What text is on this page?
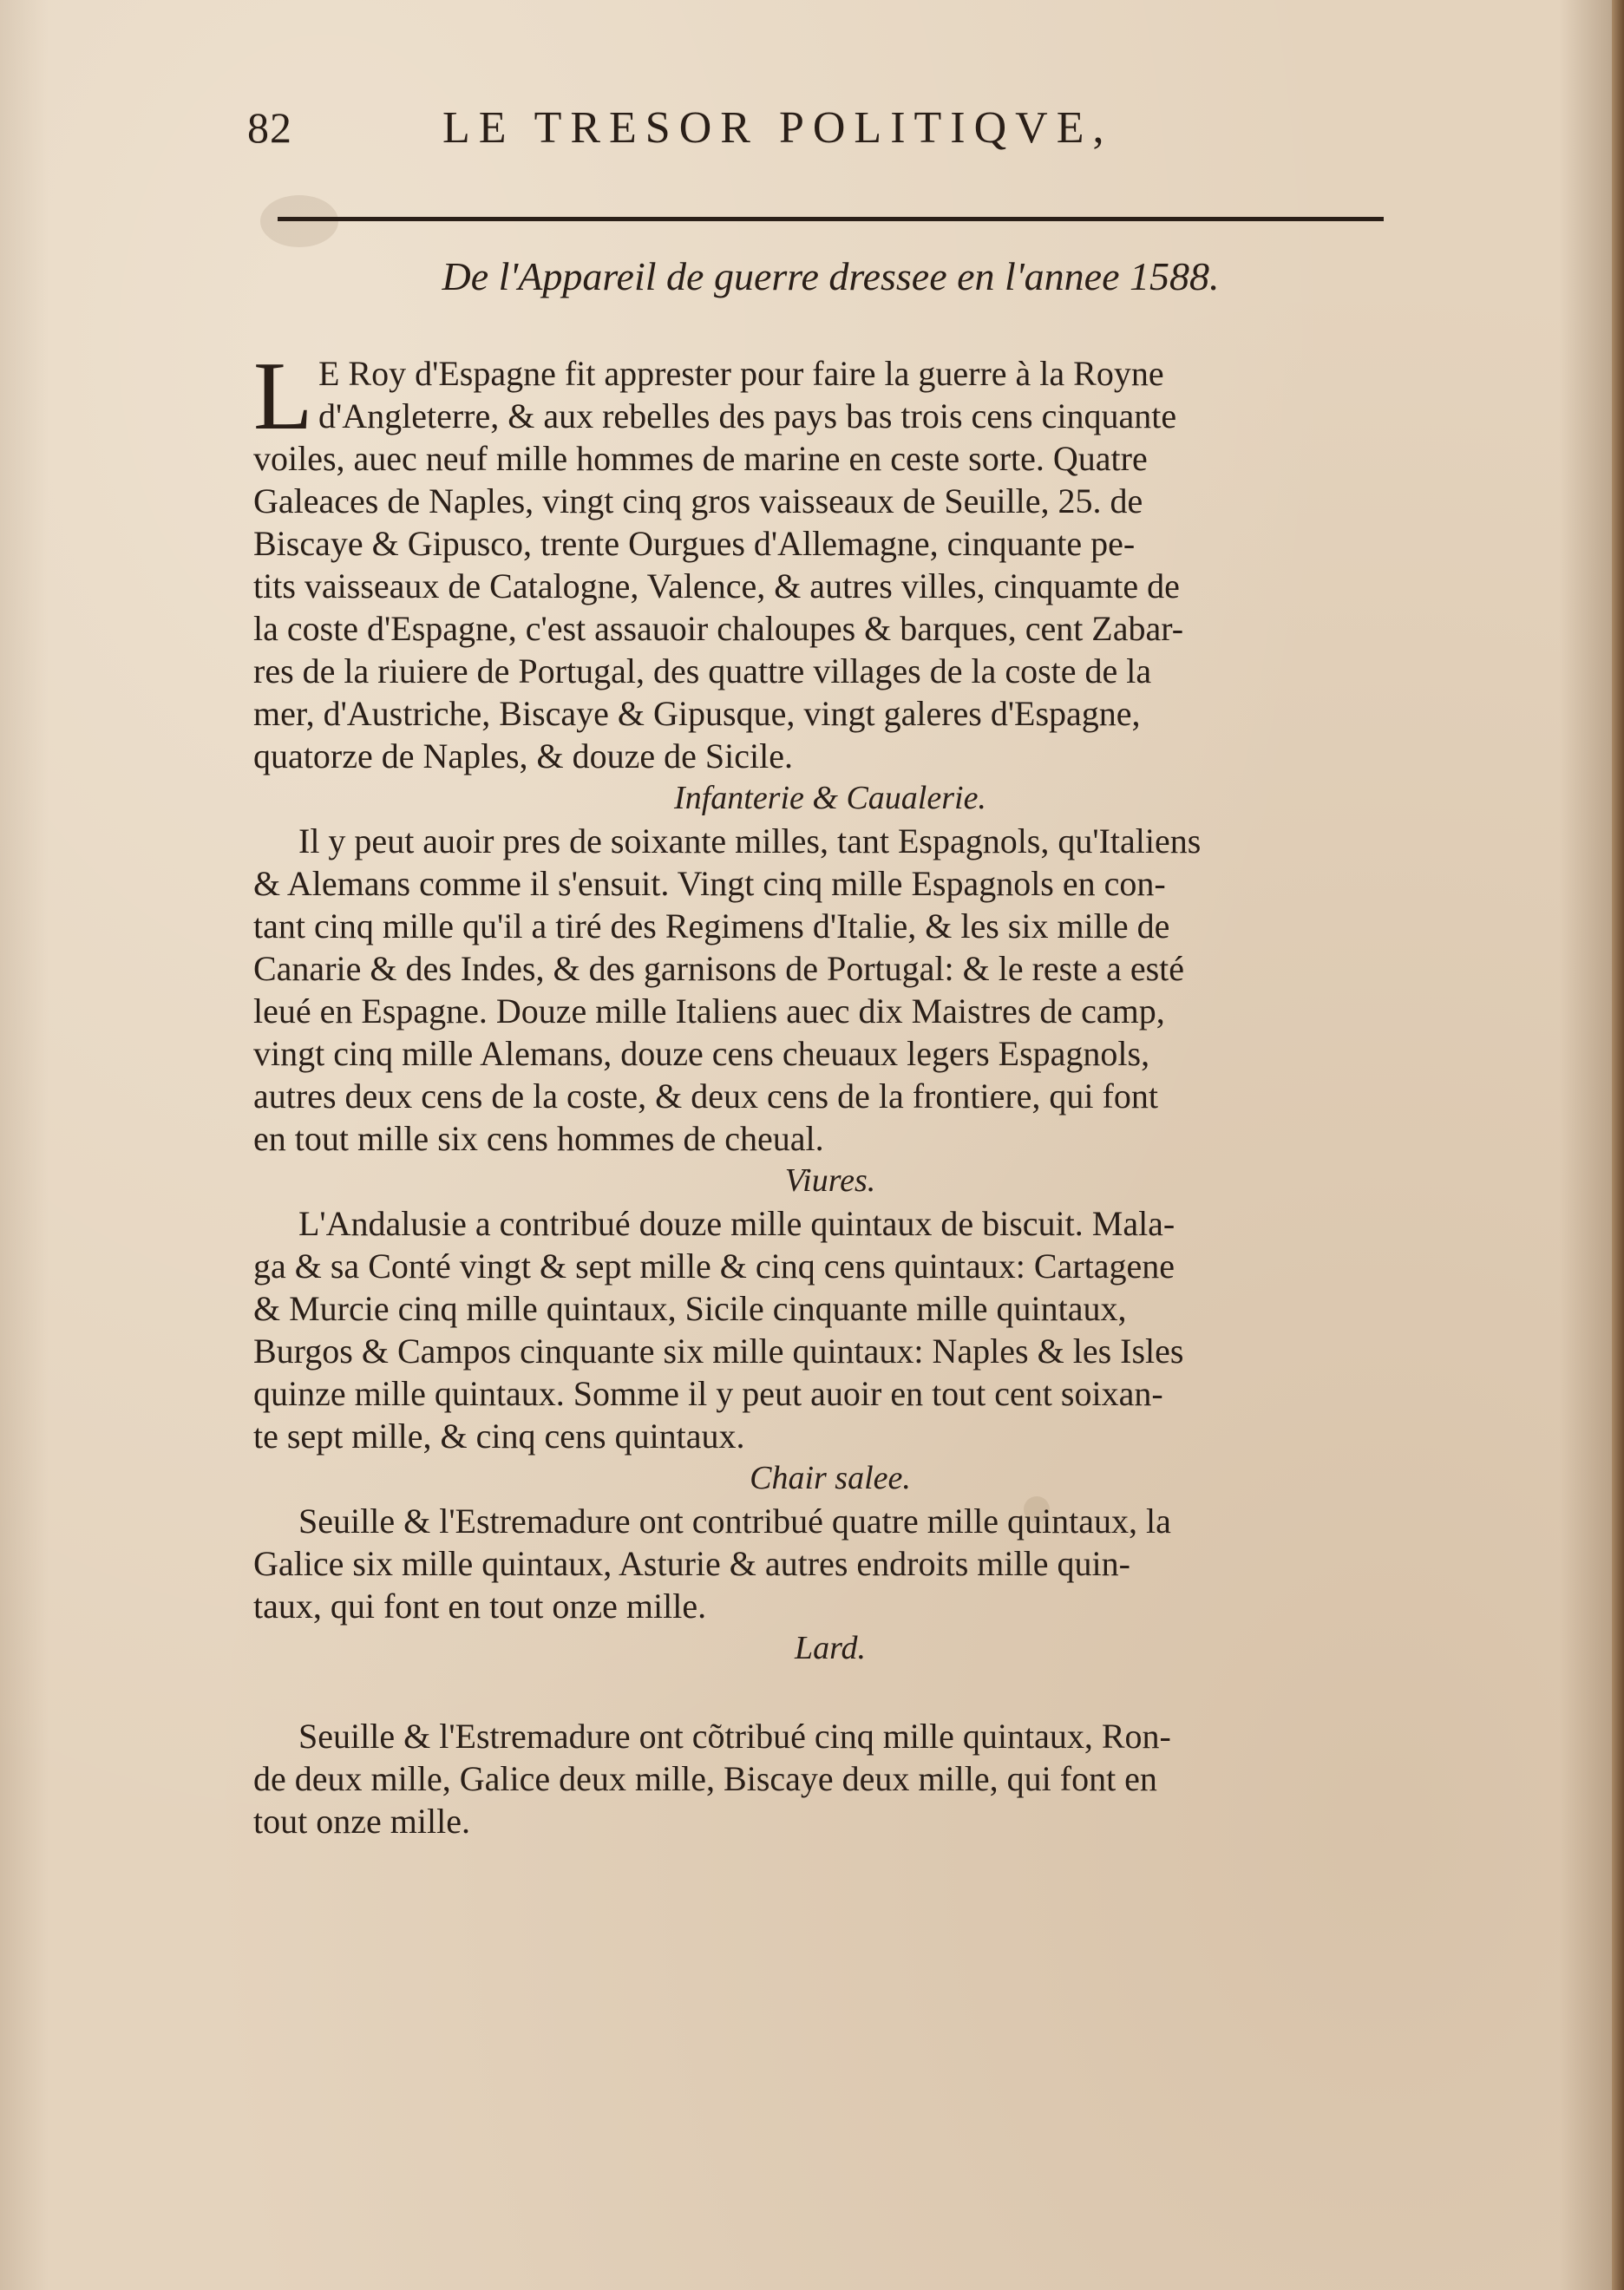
82	LE TRESOR POLITIQVE,
De l'Appareil de guerre dressee en l'annee 1588.
L E Roy d'Espagne fit apprester pour faire la guerre à la Royne
d'Angleterre, & aux rebelles des pays bas trois cens cinquante
voiles, auec neuf mille hommes de marine en ceste sorte. Quatre
Galeaces de Naples, vingt cinq gros vaisseaux de Seuille, 25. de
Biscaye & Gipusco, trente Ourgues d'Allemagne, cinquante pe-
tits vaisseaux de Catalogne, Valence, & autres villes, cinquamte de
la coste d'Espagne, c'est assauoir chaloupes & barques, cent Zabar-
res de la riuiere de Portugal, des quattre villages de la coste de la
mer, d'Austriche, Biscaye & Gipusque, vingt galeres d'Espagne,
quatorze de Naples, & douze de Sicile.
Infanterie & Caualerie.
Il y peut auoir pres de soixante milles, tant Espagnols, qu'Italiens
& Alemans comme il s'ensuit. Vingt cinq mille Espagnols en con-
tant cinq mille qu'il a tiré des Regimens d'Italie, & les six mille de
Canarie & des Indes, & des garnisons de Portugal: & le reste a esté
leué en Espagne. Douze mille Italiens auec dix Maistres de camp,
vingt cinq mille Alemans, douze cens cheuaux legers Espagnols,
autres deux cens de la coste, & deux cens de la frontiere, qui font
en tout mille six cens hommes de cheual.
Viures.
L'Andalusie a contribué douze mille quintaux de biscuit. Mala-
ga & sa Conté vingt & sept mille & cinq cens quintaux: Cartagene
& Murcie cinq mille quintaux, Sicile cinquante mille quintaux,
Burgos & Campos cinquante six mille quintaux: Naples & les Isles
quinze mille quintaux. Somme il y peut auoir en tout cent soixan-
te sept mille, & cinq cens quintaux.
Chair salee.
Seuille & l'Estremadure ont contribué quatre mille quintaux, la
Galice six mille quintaux, Asturie & autres endroits mille quin-
taux, qui font en tout onze mille.
Lard.
Seuille & l'Estremadure ont cõtribué cinq mille quintaux, Ron-
de deux mille, Galice deux mille, Biscaye deux mille, qui font en
tout onze mille.
